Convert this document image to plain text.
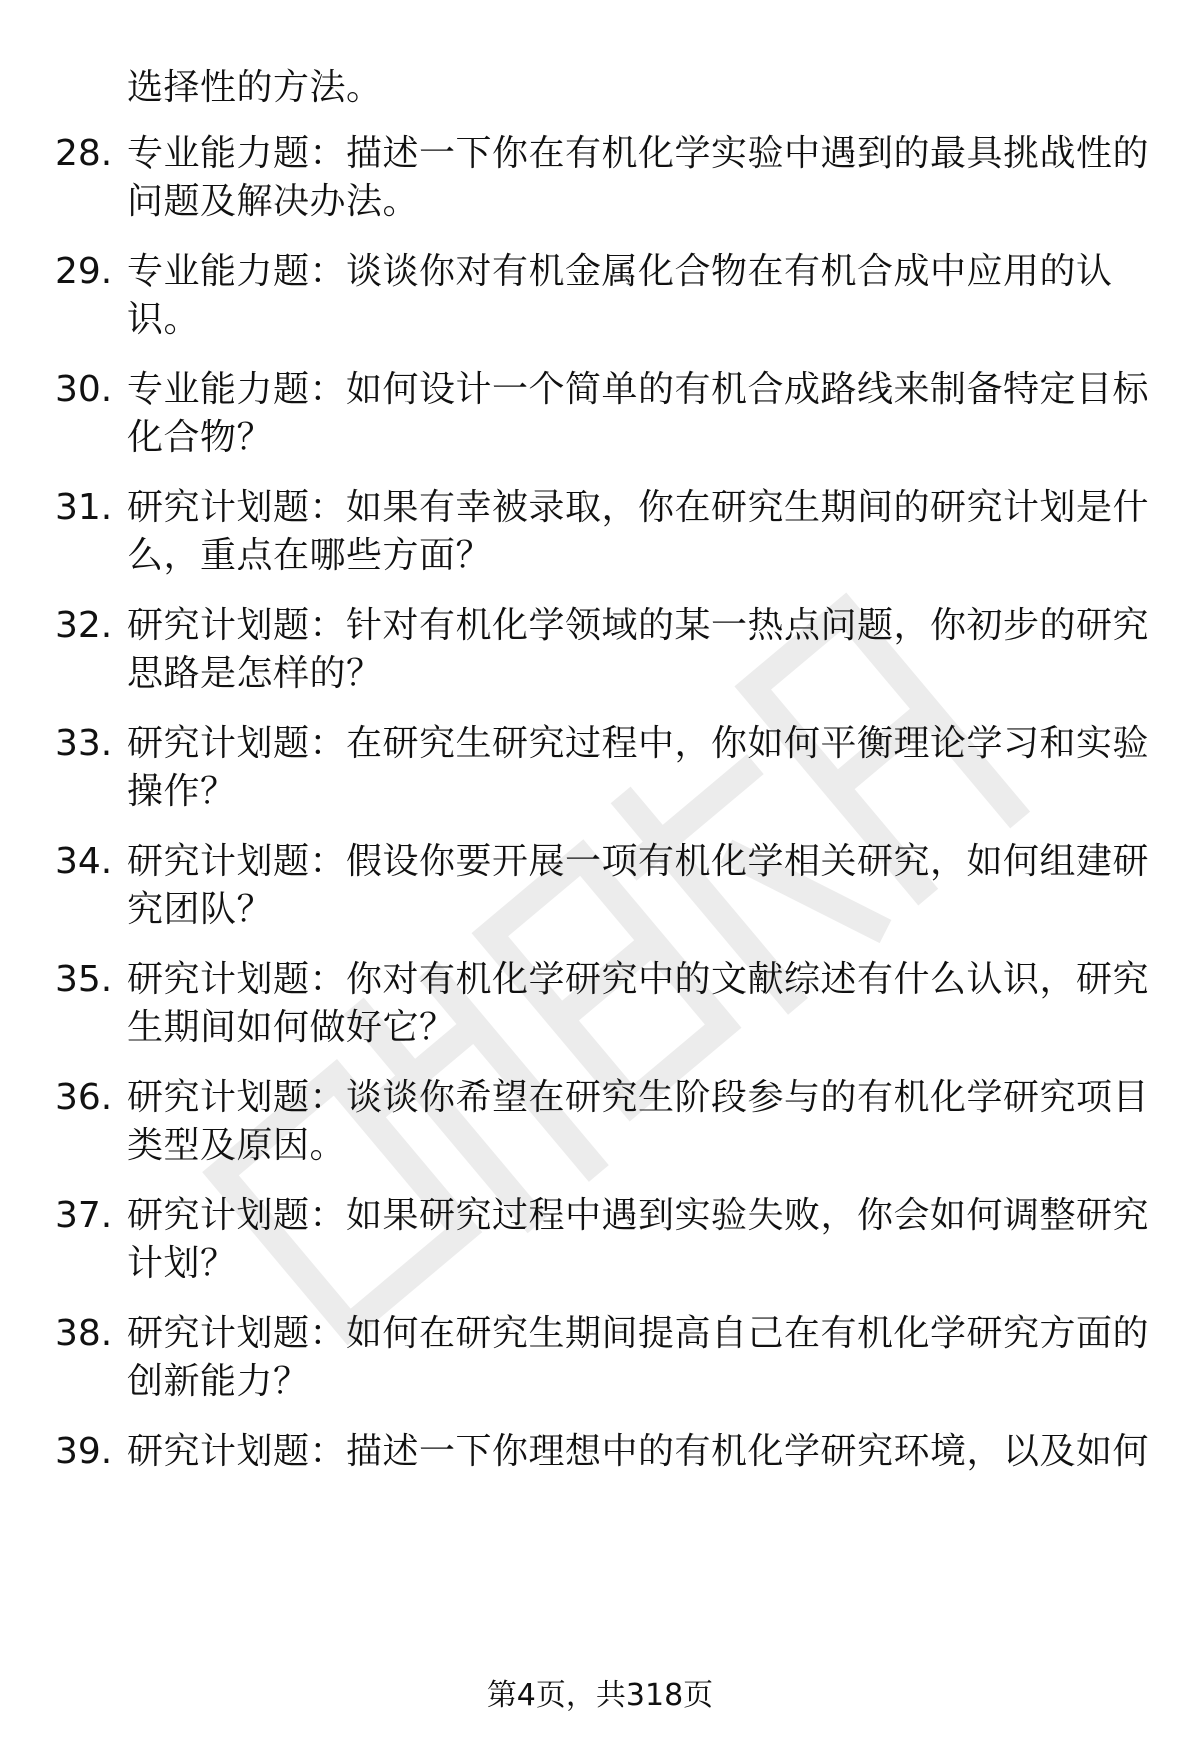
选择性的方法。
28. 专业能力题：描述一下你在有机化学实验中遇到的最具挑战性的
问题及解决办法。
29. 专业能力题：谈谈你对有机金属化合物在有机合成中应用的认
识。
30. 专业能力题：如何设计一个简单的有机合成路线来制备特定目标
化合物？
31. 研究计划题：如果有幸被录取，你在研究生期间的研究计划是什
么，重点在哪些方面？
32. 研究计划题：针对有机化学领域的某一热点问题，你初步的研究
思路是怎样的？
33. 研究计划题：在研究生研究过程中，你如何平衡理论学习和实验
操作？
34. 研究计划题：假设你要开展一项有机化学相关研究，如何组建研
究团队？
35. 研究计划题：你对有机化学研究中的文献综述有什么认识，研究
生期间如何做好它？
36. 研究计划题：谈谈你希望在研究生阶段参与的有机化学研究项目
类型及原因。
37. 研究计划题：如果研究过程中遇到实验失败，你会如何调整研究
计划？
38. 研究计划题：如何在研究生期间提高自己在有机化学研究方面的
创新能力？
39. 研究计划题：描述一下你理想中的有机化学研究环境，以及如何
第4页，共318页
